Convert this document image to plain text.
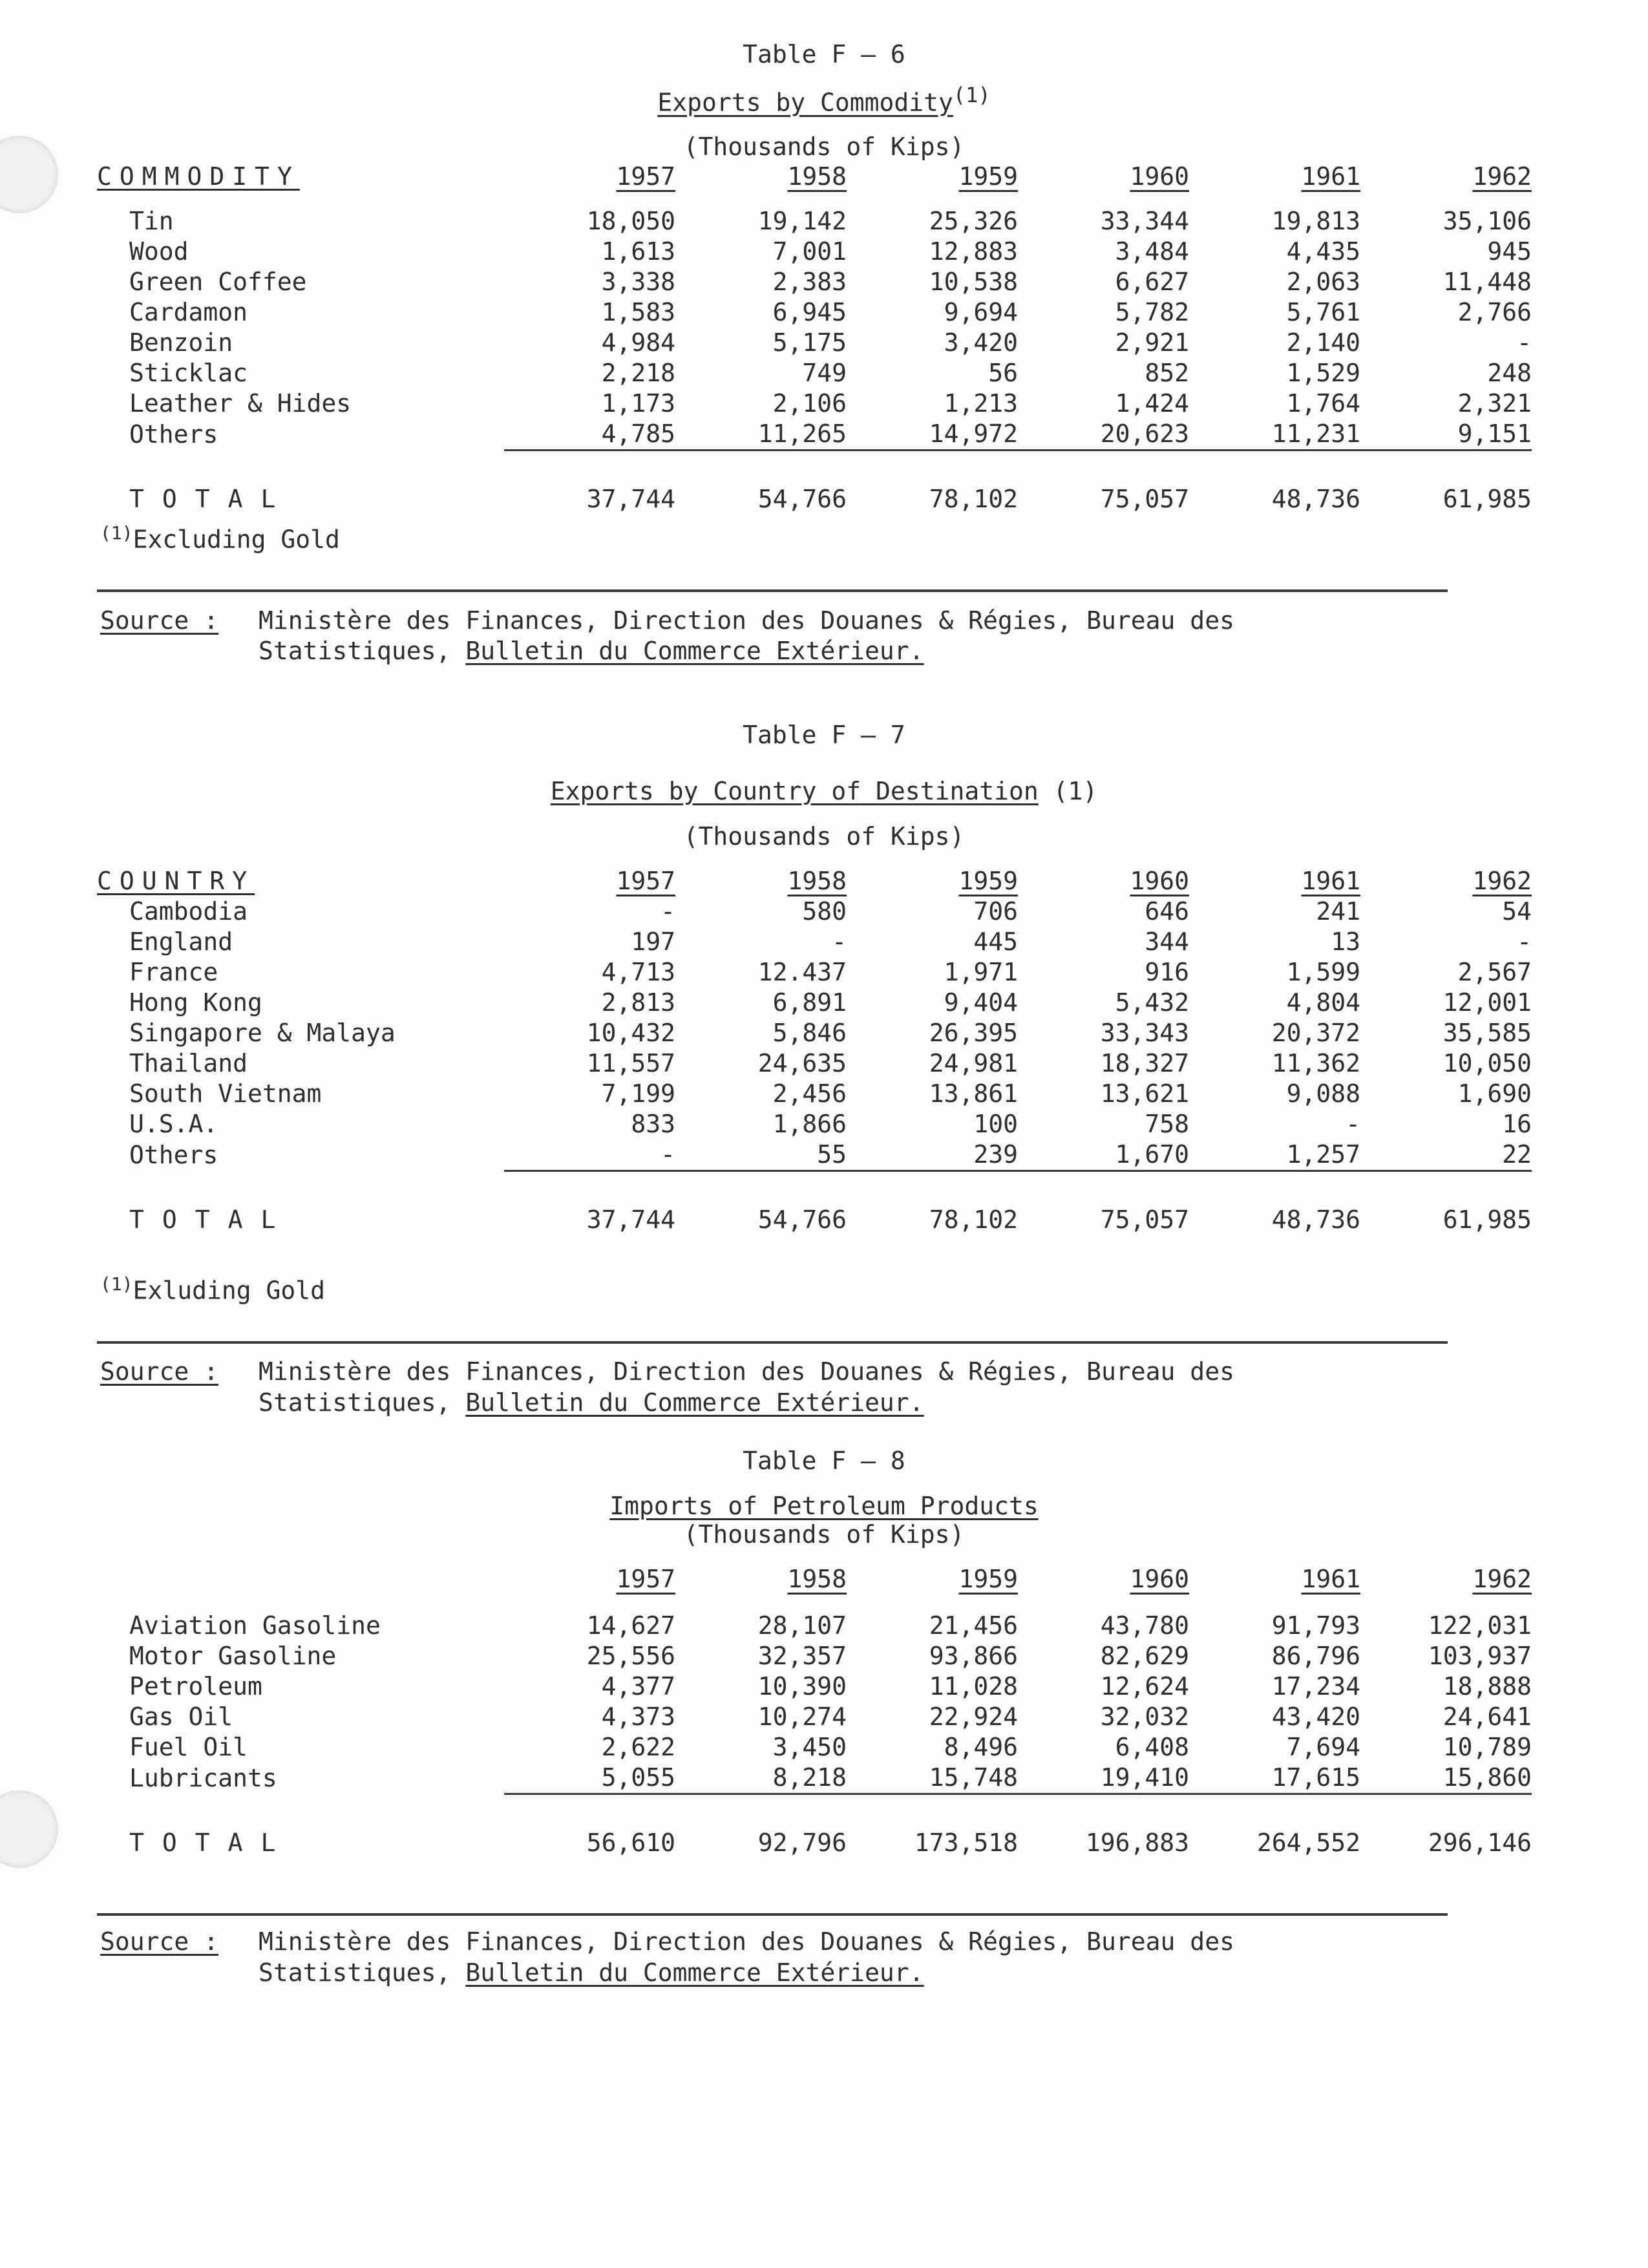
Table F — 6
Exports by Commodity$^{(1)}$
(Thousands of Kips)
COMMODITY	1957	1958	1959	1960	1961	1962

Tin	18,050	19,142	25,326	33,344	19,813	35,106
Wood	1,613	7,001	12,883	3,484	4,435	945
Green Coffee	3,338	2,383	10,538	6,627	2,063	11,448
Cardamon	1,583	6,945	9,694	5,782	5,761	2,766
Benzoin	4,984	5,175	3,420	2,921	2,140	-
Sticklac	2,218	749	56	852	1,529	248
Leather & Hides	1,173	2,106	1,213	1,424	1,764	2,321
Others	4,785	11,265	14,972	20,623	11,231	9,151

TOTAL	37,744	54,766	78,102	75,057	48,736	61,985
$^{(1)}$Excluding Gold
Source : Ministère des Finances, Direction des Douanes & Régies, Bureau des
Statistiques, Bulletin du Commerce Extérieur.
Table F — 7
Exports by Country of Destination (1)
(Thousands of Kips)
COUNTRY	1957	1958	1959	1960	1961	1962
Cambodia	-	580	706	646	241	54
England	197	-	445	344	13	-
France	4,713	12.437	1,971	916	1,599	2,567
Hong Kong	2,813	6,891	9,404	5,432	4,804	12,001
Singapore & Malaya	10,432	5,846	26,395	33,343	20,372	35,585
Thailand	11,557	24,635	24,981	18,327	11,362	10,050
South Vietnam	7,199	2,456	13,861	13,621	9,088	1,690
U.S.A.	833	1,866	100	758	-	16
Others	-	55	239	1,670	1,257	22

TOTAL	37,744	54,766	78,102	75,057	48,736	61,985
$^{(1)}$Exluding Gold
Source : Ministère des Finances, Direction des Douanes & Régies, Bureau des
Statistiques, Bulletin du Commerce Extérieur.
Table F — 8
Imports of Petroleum Products
(Thousands of Kips)
	1957	1958	1959	1960	1961	1962

Aviation Gasoline	14,627	28,107	21,456	43,780	91,793	122,031
Motor Gasoline	25,556	32,357	93,866	82,629	86,796	103,937
Petroleum	4,377	10,390	11,028	12,624	17,234	18,888
Gas Oil	4,373	10,274	22,924	32,032	43,420	24,641
Fuel Oil	2,622	3,450	8,496	6,408	7,694	10,789
Lubricants	5,055	8,218	15,748	19,410	17,615	15,860

TOTAL	56,610	92,796	173,518	196,883	264,552	296,146
Source : Ministère des Finances, Direction des Douanes & Régies, Bureau des
Statistiques, Bulletin du Commerce Extérieur.
